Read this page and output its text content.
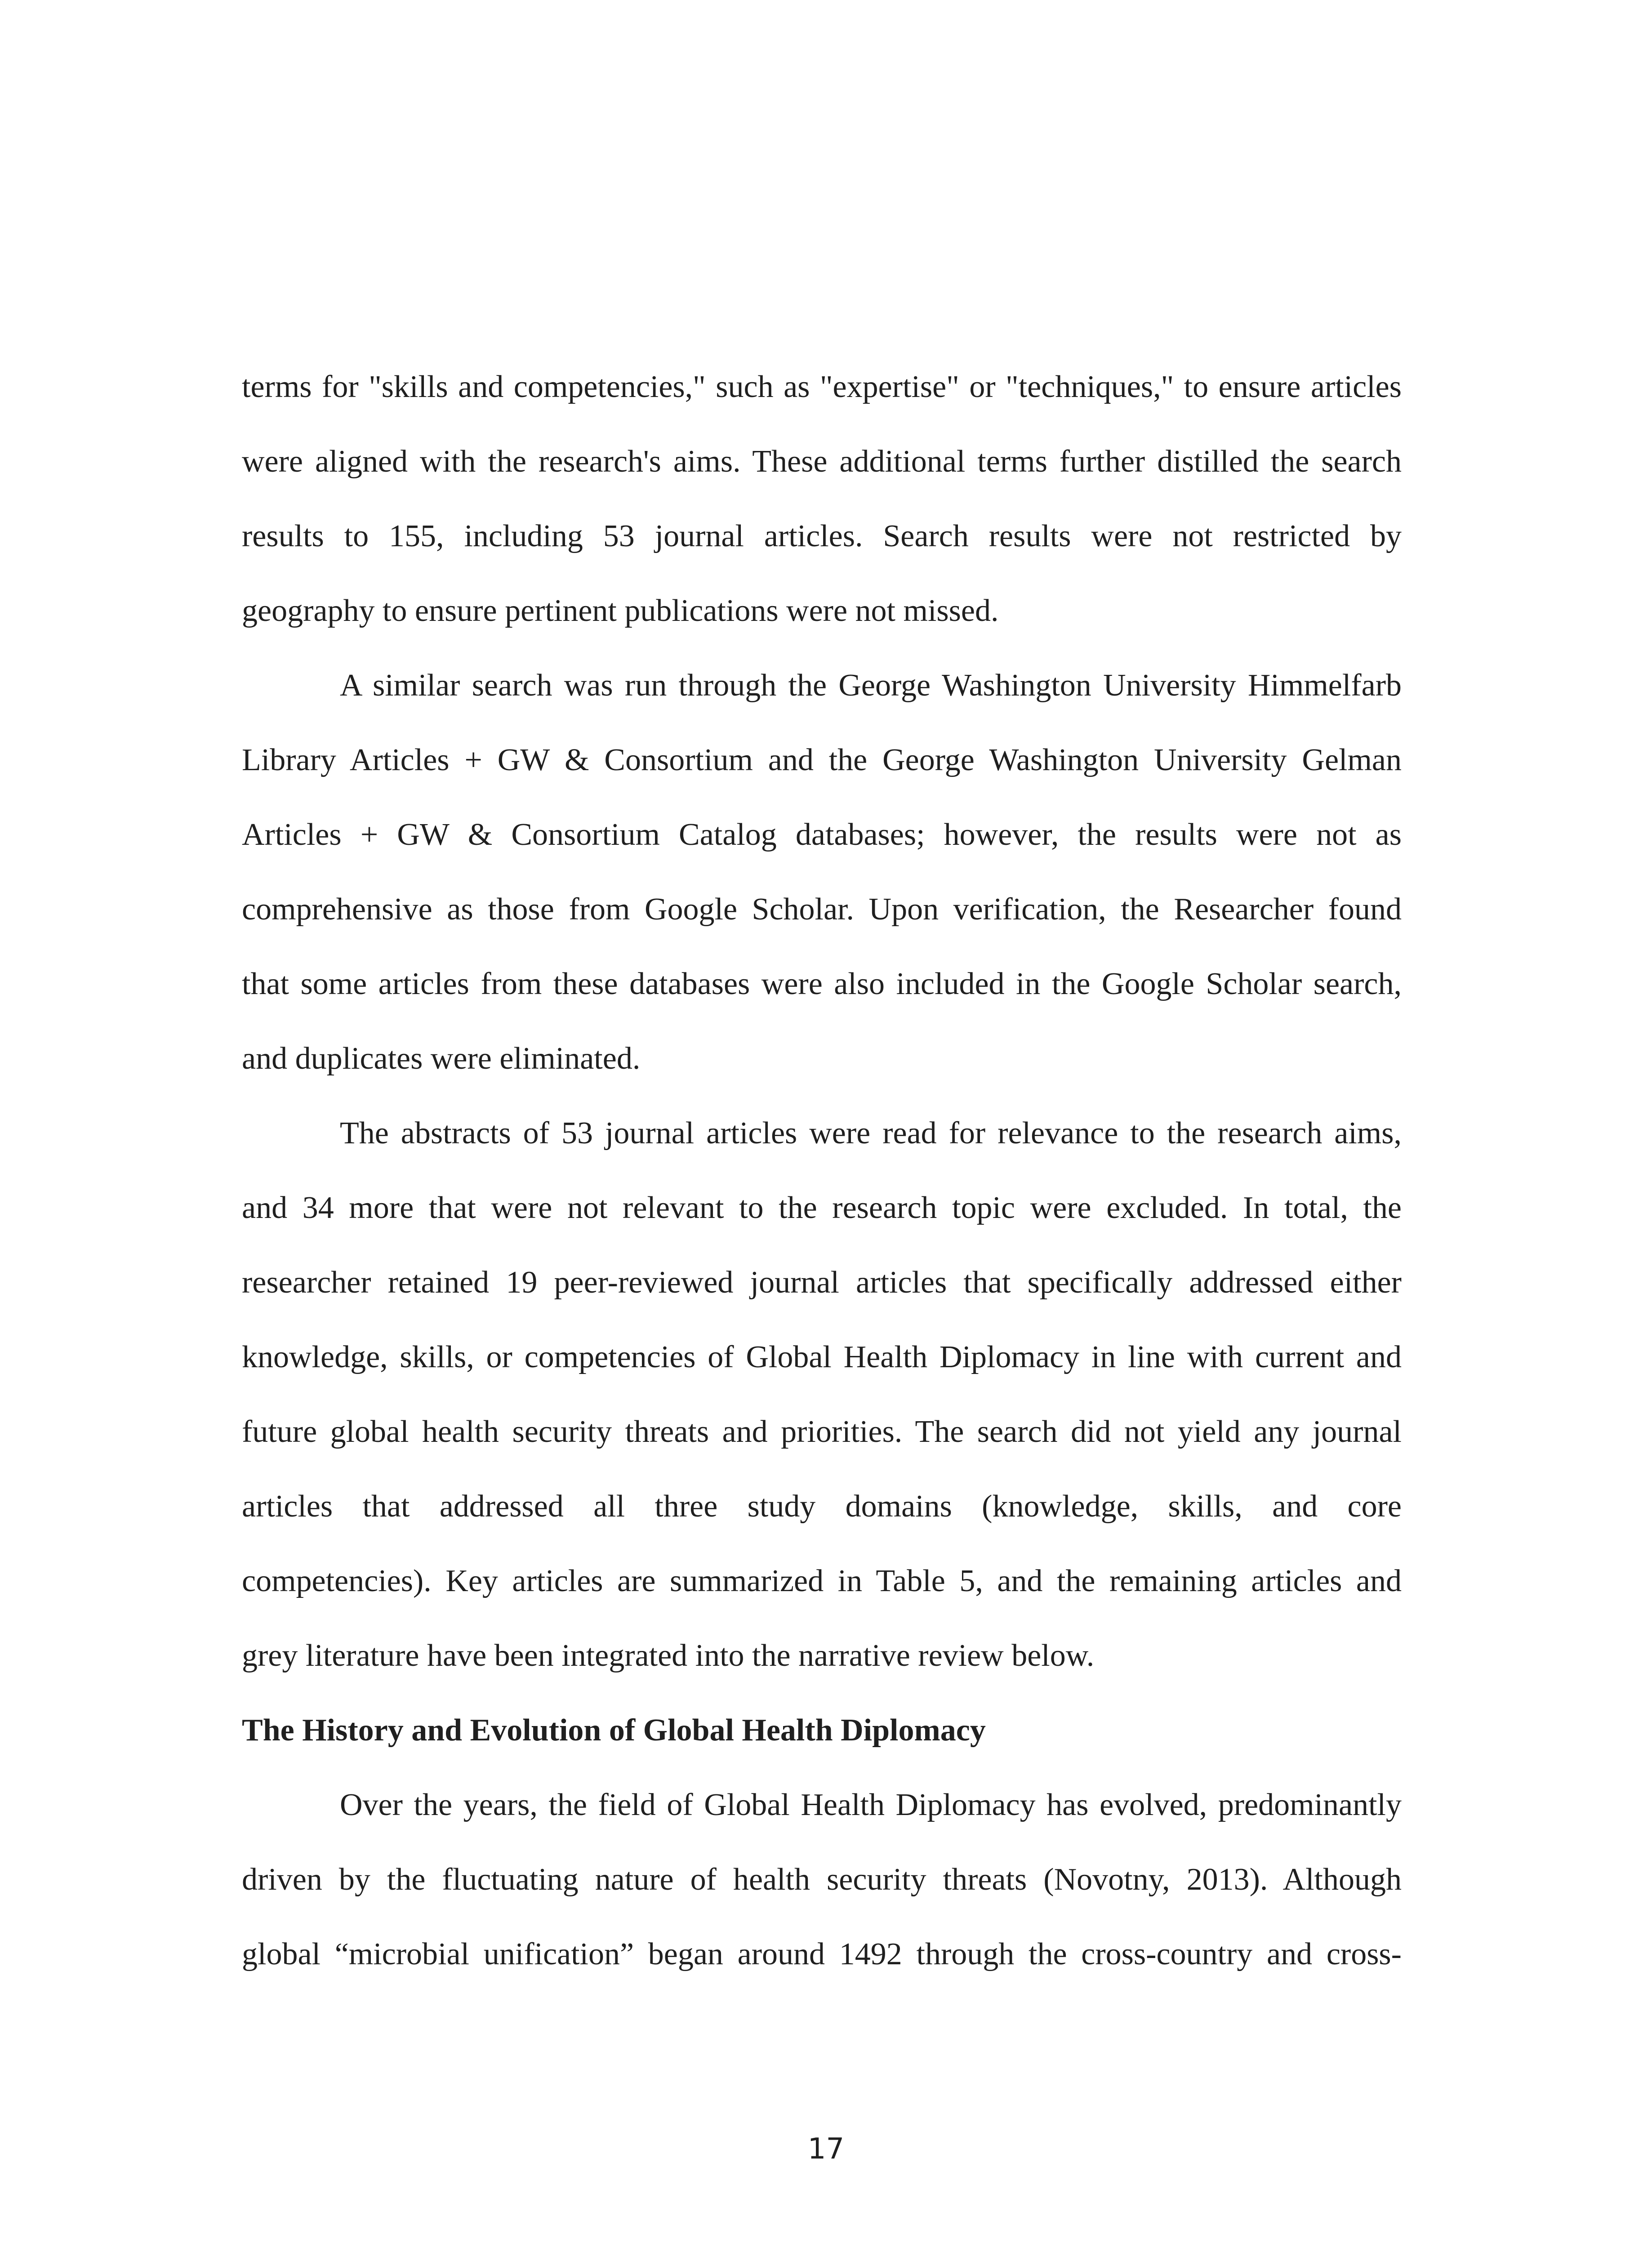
terms for "skills and competencies," such as "expertise" or "techniques," to ensure articles
were aligned with the research's aims. These additional terms further distilled the search
results to 155, including 53 journal articles. Search results were not restricted by
geography to ensure pertinent publications were not missed.
A similar search was run through the George Washington University Himmelfarb
Library Articles + GW & Consortium and the George Washington University Gelman
Articles + GW & Consortium Catalog databases; however, the results were not as
comprehensive as those from Google Scholar. Upon verification, the Researcher found
that some articles from these databases were also included in the Google Scholar search,
and duplicates were eliminated.
The abstracts of 53 journal articles were read for relevance to the research aims,
and 34 more that were not relevant to the research topic were excluded. In total, the
researcher retained 19 peer-reviewed journal articles that specifically addressed either
knowledge, skills, or competencies of Global Health Diplomacy in line with current and
future global health security threats and priorities. The search did not yield any journal
articles that addressed all three study domains (knowledge, skills, and core
competencies). Key articles are summarized in Table 5, and the remaining articles and
grey literature have been integrated into the narrative review below.
The History and Evolution of Global Health Diplomacy
Over the years, the field of Global Health Diplomacy has evolved, predominantly
driven by the fluctuating nature of health security threats (Novotny, 2013). Although
global “microbial unification” began around 1492 through the cross-country and cross-
17
